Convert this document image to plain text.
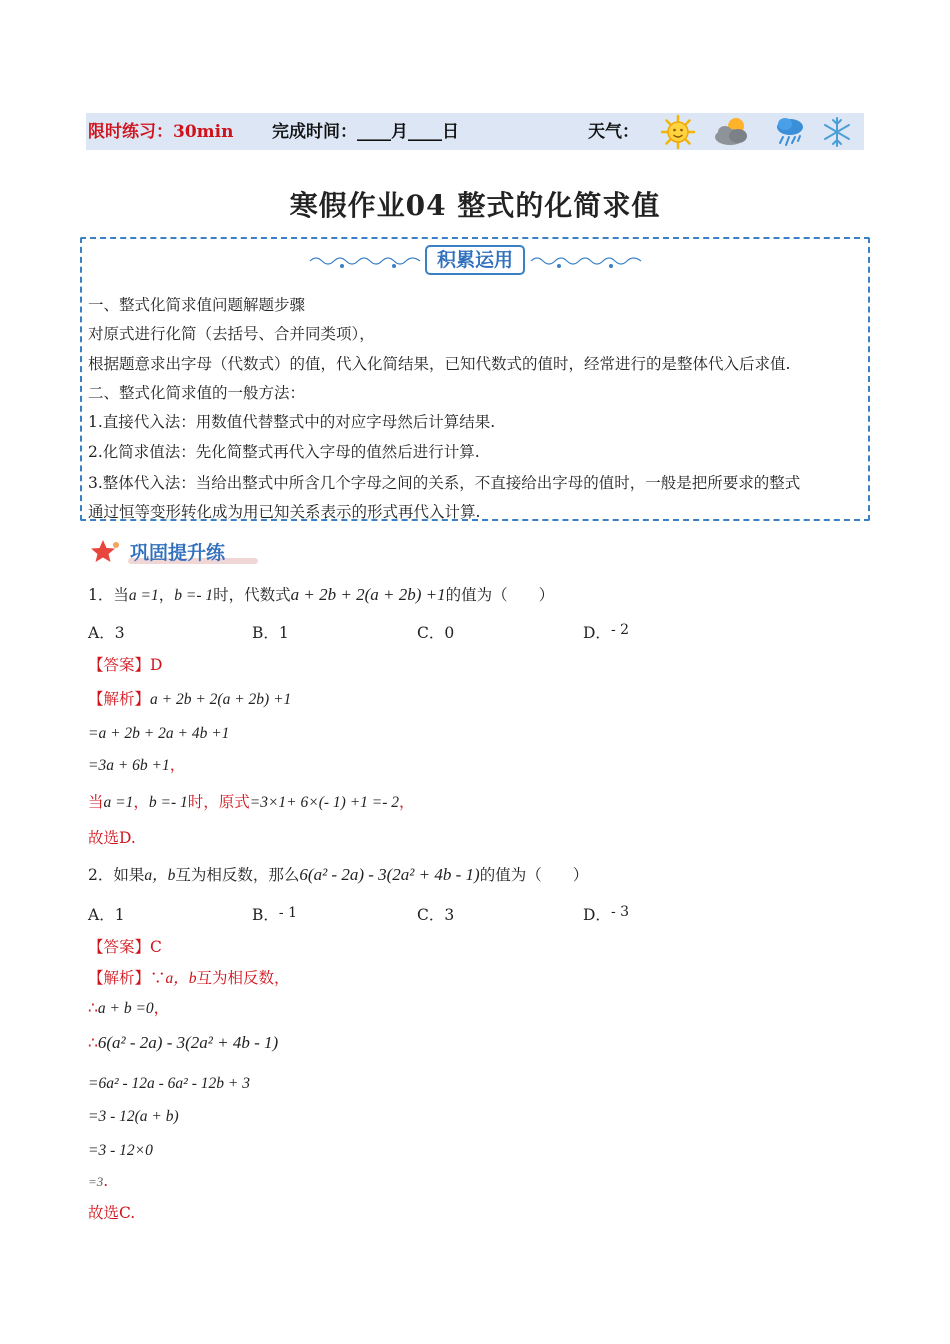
限时练习：30min 完成时间：____月____日	天气：
寒假作业04 整式的化简求值
积累运用
一、整式化简求值问题解题步骤
对原式进行化简（去括号、合并同类项），
根据题意求出字母（代数式）的值，代入化简结果，已知代数式的值时，经常进行的是整体代入后求值.
二、整式化简求值的一般方法：
1.直接代入法：用数值代替整式中的对应字母然后计算结果.
2.化简求值法：先化简整式再代入字母的值然后进行计算.
3.整体代入法：当给出整式中所含几个字母之间的关系，不直接给出字母的值时，一般是把所要求的整式
通过恒等变形转化成为用已知关系表示的形式再代入计算.
巩固提升练
1．当a =1，b =- 1时，代数式a + 2b + 2(a + 2b) +1的值为（　　）
A．3	B．1	C．0	D．- 2
【答案】D
【解析】a + 2b + 2(a + 2b) +1
=a + 2b + 2a + 4b +1
=3a + 6b +1，
当a =1，b =- 1时，原式=3×1+ 6×(- 1) +1 =- 2，
故选D.
2．如果a，b互为相反数，那么6(a² - 2a) - 3(2a² + 4b - 1)的值为（　　）
A．1	B．- 1	C．3	D．- 3
【答案】C
【解析】∵a，b互为相反数，
∴a + b =0，
∴6(a² - 2a) - 3(2a² + 4b - 1)
=6a² - 12a - 6a² - 12b + 3
=3 - 12(a + b)
=3 - 12×0
=3.
故选C.
